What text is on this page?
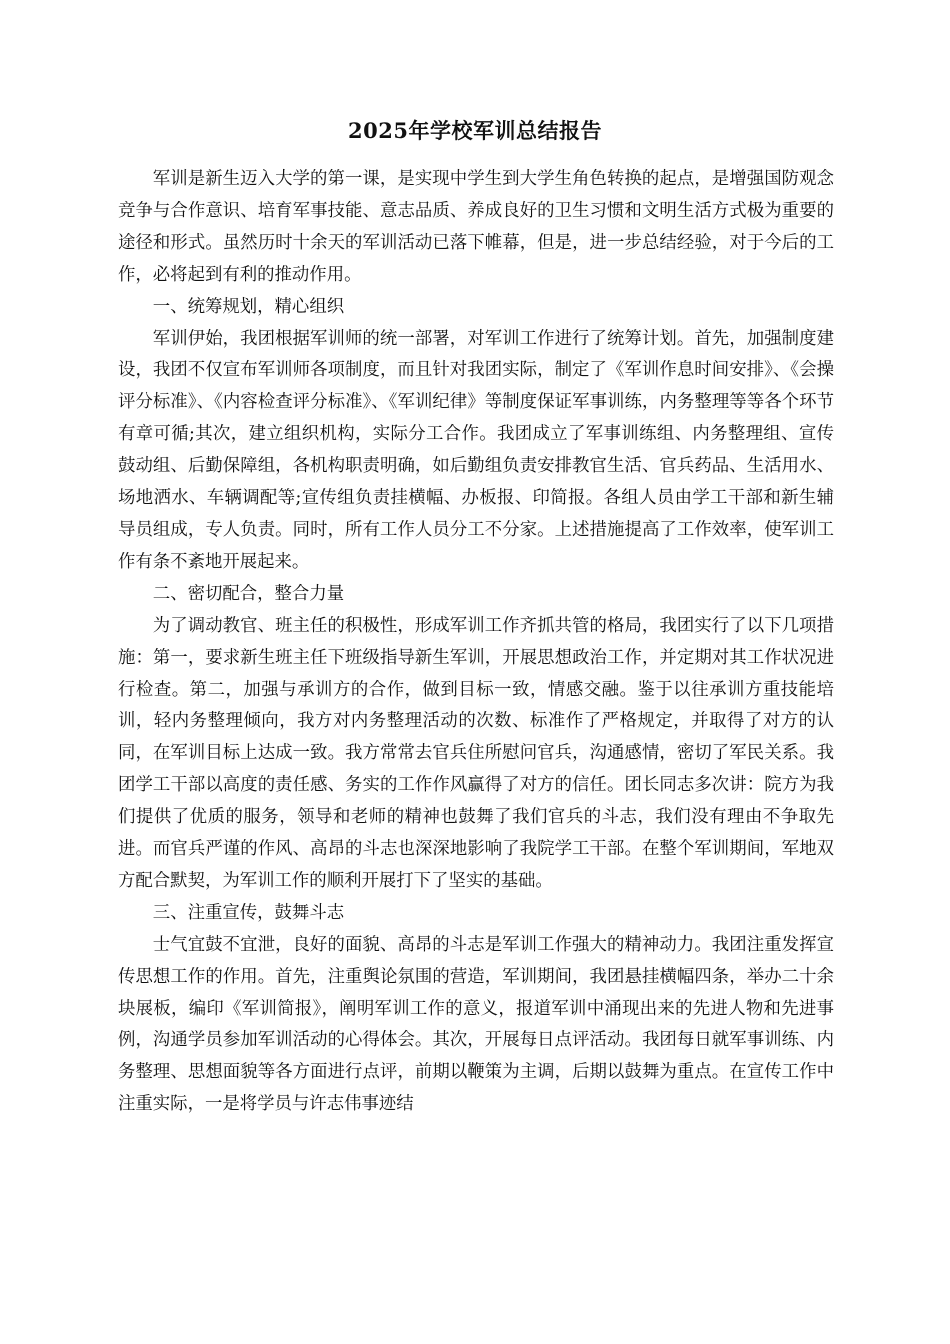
2025年学校军训总结报告

军训是新生迈入大学的第一课，是实现中学生到大学生角色转换的起点，是增强国防观念竞争与合作意识、培育军事技能、意志品质、养成良好的卫生习惯和文明生活方式极为重要的途径和形式。虽然历时十余天的军训活动已落下帷幕，但是，进一步总结经验，对于今后的工作，必将起到有利的推动作用。

一、统筹规划，精心组织

军训伊始，我团根据军训师的统一部署，对军训工作进行了统筹计划。首先，加强制度建设，我团不仅宣布军训师各项制度，而且针对我团实际，制定了《军训作息时间安排》、《会操评分标准》、《内容检查评分标准》、《军训纪律》等制度保证军事训练，内务整理等等各个环节有章可循;其次，建立组织机构，实际分工合作。我团成立了军事训练组、内务整理组、宣传鼓动组、后勤保障组，各机构职责明确，如后勤组负责安排教官生活、官兵药品、生活用水、场地洒水、车辆调配等;宣传组负责挂横幅、办板报、印简报。各组人员由学工干部和新生辅导员组成，专人负责。同时，所有工作人员分工不分家。上述措施提高了工作效率，使军训工作有条不紊地开展起来。

二、密切配合，整合力量

为了调动教官、班主任的积极性，形成军训工作齐抓共管的格局，我团实行了以下几项措施：第一，要求新生班主任下班级指导新生军训，开展思想政治工作，并定期对其工作状况进行检查。第二，加强与承训方的合作，做到目标一致，情感交融。鉴于以往承训方重技能培训，轻内务整理倾向，我方对内务整理活动的次数、标准作了严格规定，并取得了对方的认同，在军训目标上达成一致。我方常常去官兵住所慰问官兵，沟通感情，密切了军民关系。我团学工干部以高度的责任感、务实的工作作风赢得了对方的信任。团长同志多次讲：院方为我们提供了优质的服务，领导和老师的精神也鼓舞了我们官兵的斗志，我们没有理由不争取先进。而官兵严谨的作风、高昂的斗志也深深地影响了我院学工干部。在整个军训期间，军地双方配合默契，为军训工作的顺利开展打下了坚实的基础。

三、注重宣传，鼓舞斗志

士气宜鼓不宜泄，良好的面貌、高昂的斗志是军训工作强大的精神动力。我团注重发挥宣传思想工作的作用。首先，注重舆论氛围的营造，军训期间，我团悬挂横幅四条，举办二十余块展板，编印《军训简报》，阐明军训工作的意义，报道军训中涌现出来的先进人物和先进事例，沟通学员参加军训活动的心得体会。其次，开展每日点评活动。我团每日就军事训练、内务整理、思想面貌等各方面进行点评，前期以鞭策为主调，后期以鼓舞为重点。在宣传工作中注重实际，一是将学员与许志伟事迹结
